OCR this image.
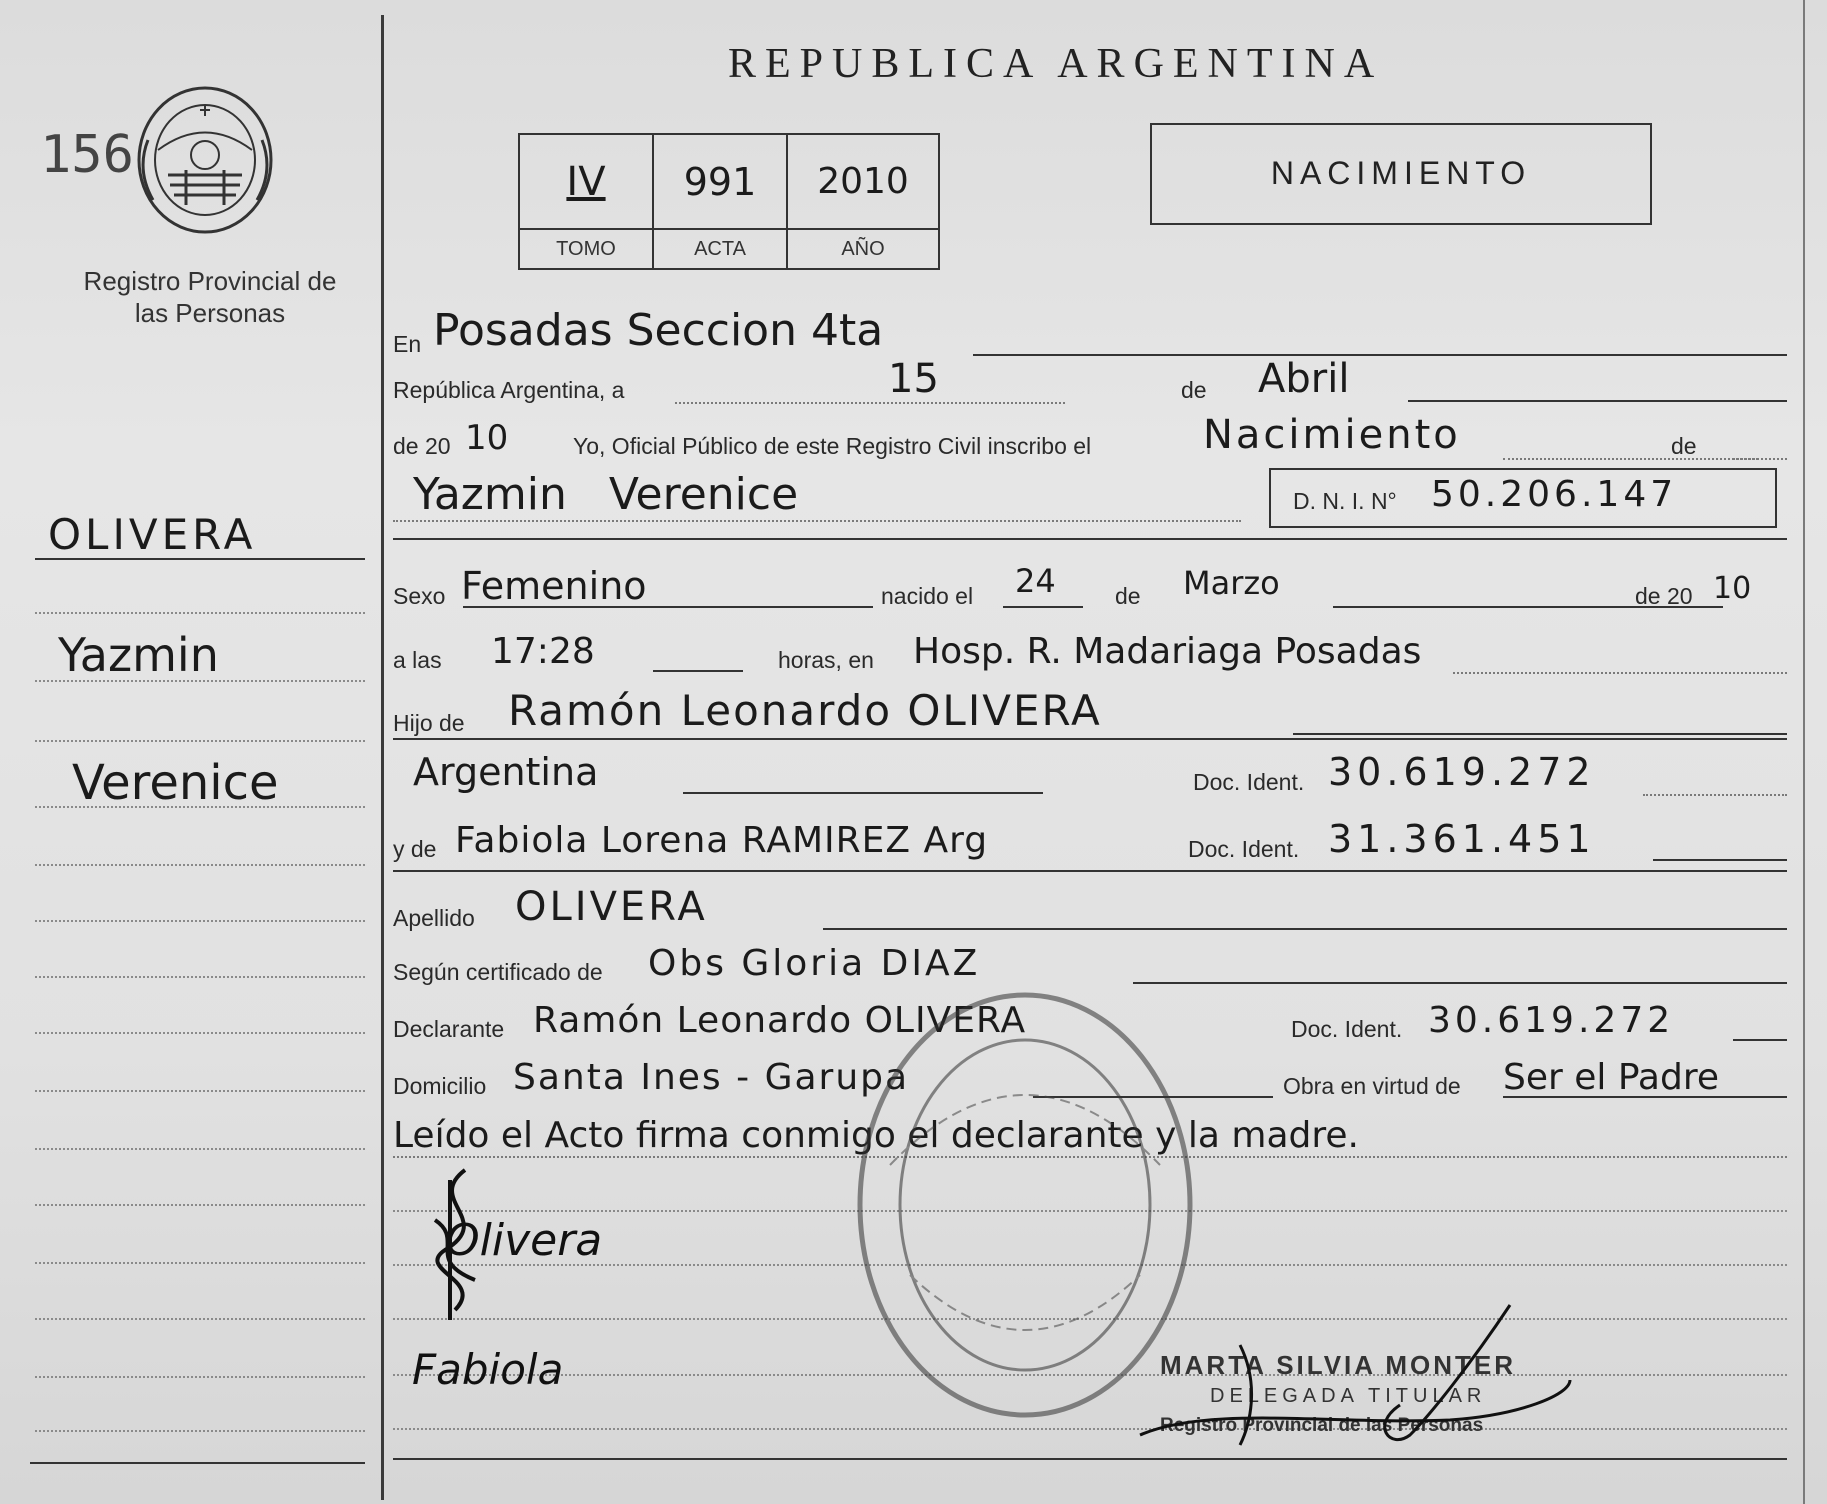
156
Registro Provincial de las Personas
OLIVERA
Yazmin
Verenice
REPUBLICA ARGENTINA
IV	991	2010
TOMO	ACTA	AÑO
NACIMIENTO
En Posadas Seccion 4ta
República Argentina, a	15	de Abril
de 20 10	Yo, Oficial Público de este Registro Civil inscribo el	Nacimiento	de
Yazmin Verenice	D. N. I. N° 50.206.147
Sexo Femenino	nacido el 24	de Marzo	de 20 10
a las 17:28	horas, en Hosp. R. Madariaga Posadas
Hijo de Ramón Leonardo OLIVERA
Argentina	Doc. Ident. 30.619.272
y de Fabiola Lorena RAMIREZ Arg	Doc. Ident. 31.361.451
Apellido OLIVERA
Según certificado de Obs Gloria DIAZ
Declarante Ramón Leonardo OLIVERA	Doc. Ident. 30.619.272
Domicilio Santa Ines - Garupa	Obra en virtud de Ser el Padre
Leído el Acto firma conmigo el declarante y la madre.
Olivera
Fabiola	MARTA SILVIA MONTER
DELEGADA TITULAR
Registro Provincial de las Personas
